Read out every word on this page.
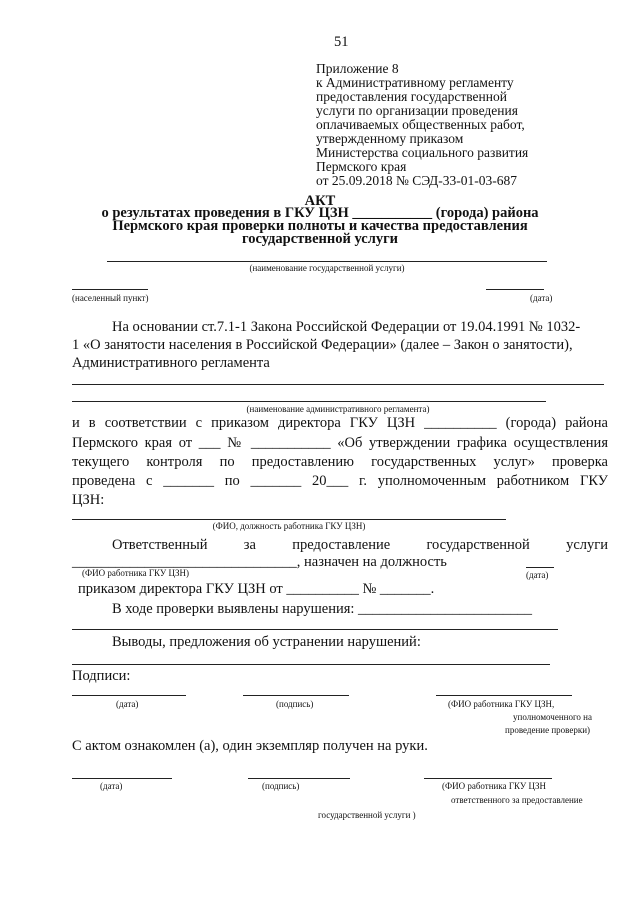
51
Приложение 8
к Административному регламенту
предоставления государственной
услуги по организации проведения
оплачиваемых общественных работ,
утвержденному приказом
Министерства социального развития
Пермского края
от 25.09.2018 № СЭД-33-01-03-687
АКТ
о результатах проведения в ГКУ ЦЗН ___________ (города) района
Пермского края проверки полноты и качества предоставления
государственной услуги
(наименование государственной услуги)
(населенный пункт)	(дата)
На основании ст.7.1-1 Закона Российской Федерации от 19.04.1991 № 1032-
1 «О занятости населения в Российской Федерации» (далее – Закон о занятости),
Административного регламента
(наименование административного регламента)
и в соответствии с приказом директора ГКУ ЦЗН __________ (города) района
Пермского края от ___ № ___________ «Об утверждении графика осуществления
текущего контроля по предоставлению государственных услуг» проверка
проведена с _______ по _______ 20___ г. уполномоченным работником ГКУ
ЦЗН:
(ФИО, должность работника ГКУ ЦЗН)
Ответственный за предоставление государственной услуги
_______________________________, назначен на должность
(ФИО работника ГКУ ЦЗН)	(дата)
приказом директора ГКУ ЦЗН от __________ № _______.
В ходе проверки выявлены нарушения: ________________________
Выводы, предложения об устранении нарушений:
Подписи:
(дата)	(подпись)	(ФИО работника ГКУ ЦЗН,
уполномоченного на
проведение проверки)
С актом ознакомлен (а), один экземпляр получен на руки.
(дата)	(подпись)	(ФИО работника ГКУ ЦЗН
ответственного за предоставление
государственной услуги )
